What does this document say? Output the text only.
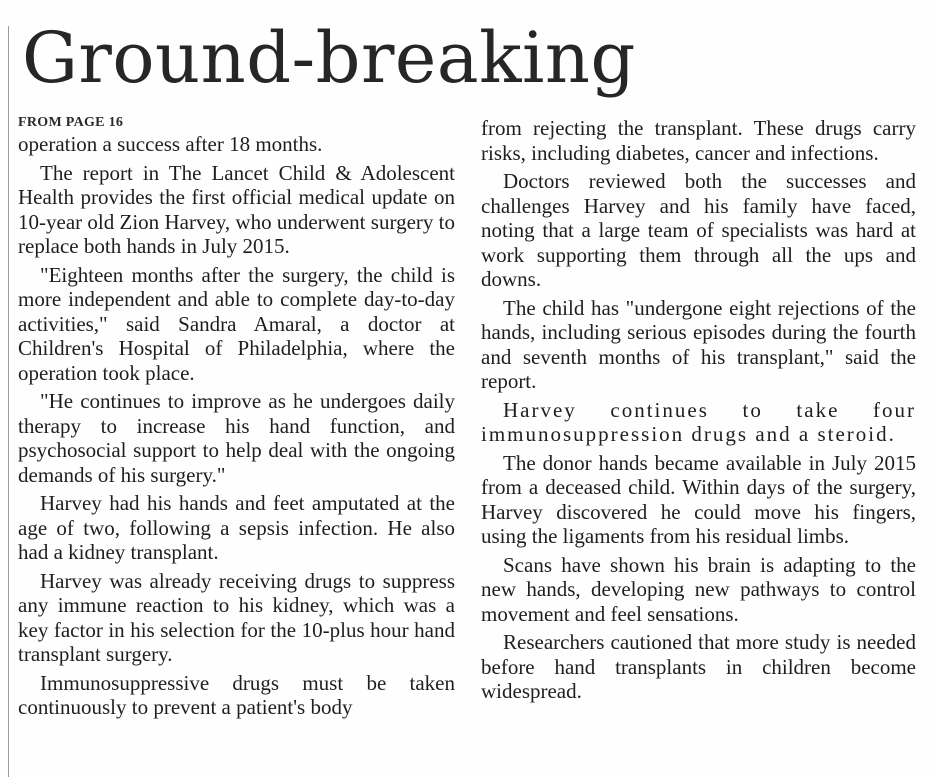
Ground-breaking
FROM PAGE 16

operation a success after 18 months.

The report in The Lancet Child & Adolescent Health provides the first official medical update on 10-year old Zion Harvey, who underwent surgery to replace both hands in July 2015.

"Eighteen months after the surgery, the child is more independent and able to complete day-to-day activities," said Sandra Amaral, a doctor at Children's Hospital of Philadelphia, where the operation took place.

"He continues to improve as he undergoes daily therapy to increase his hand function, and psychosocial support to help deal with the ongoing demands of his surgery."

Harvey had his hands and feet amputated at the age of two, following a sepsis infection. He also had a kidney transplant.

Harvey was already receiving drugs to suppress any immune reaction to his kidney, which was a key factor in his selection for the 10-plus hour hand transplant surgery.

Immunosuppressive drugs must be taken continuously to prevent a patient's body

from rejecting the transplant. These drugs carry risks, including diabetes, cancer and infections.

Doctors reviewed both the successes and challenges Harvey and his family have faced, noting that a large team of specialists was hard at work supporting them through all the ups and downs.

The child has "undergone eight rejections of the hands, including serious episodes during the fourth and seventh months of his transplant," said the report.

Harvey continues to take four immunosuppression drugs and a steroid.

The donor hands became available in July 2015 from a deceased child. Within days of the surgery, Harvey discovered he could move his fingers, using the ligaments from his residual limbs.

Scans have shown his brain is adapting to the new hands, developing new pathways to control movement and feel sensations.

Researchers cautioned that more study is needed before hand transplants in children become widespread.
